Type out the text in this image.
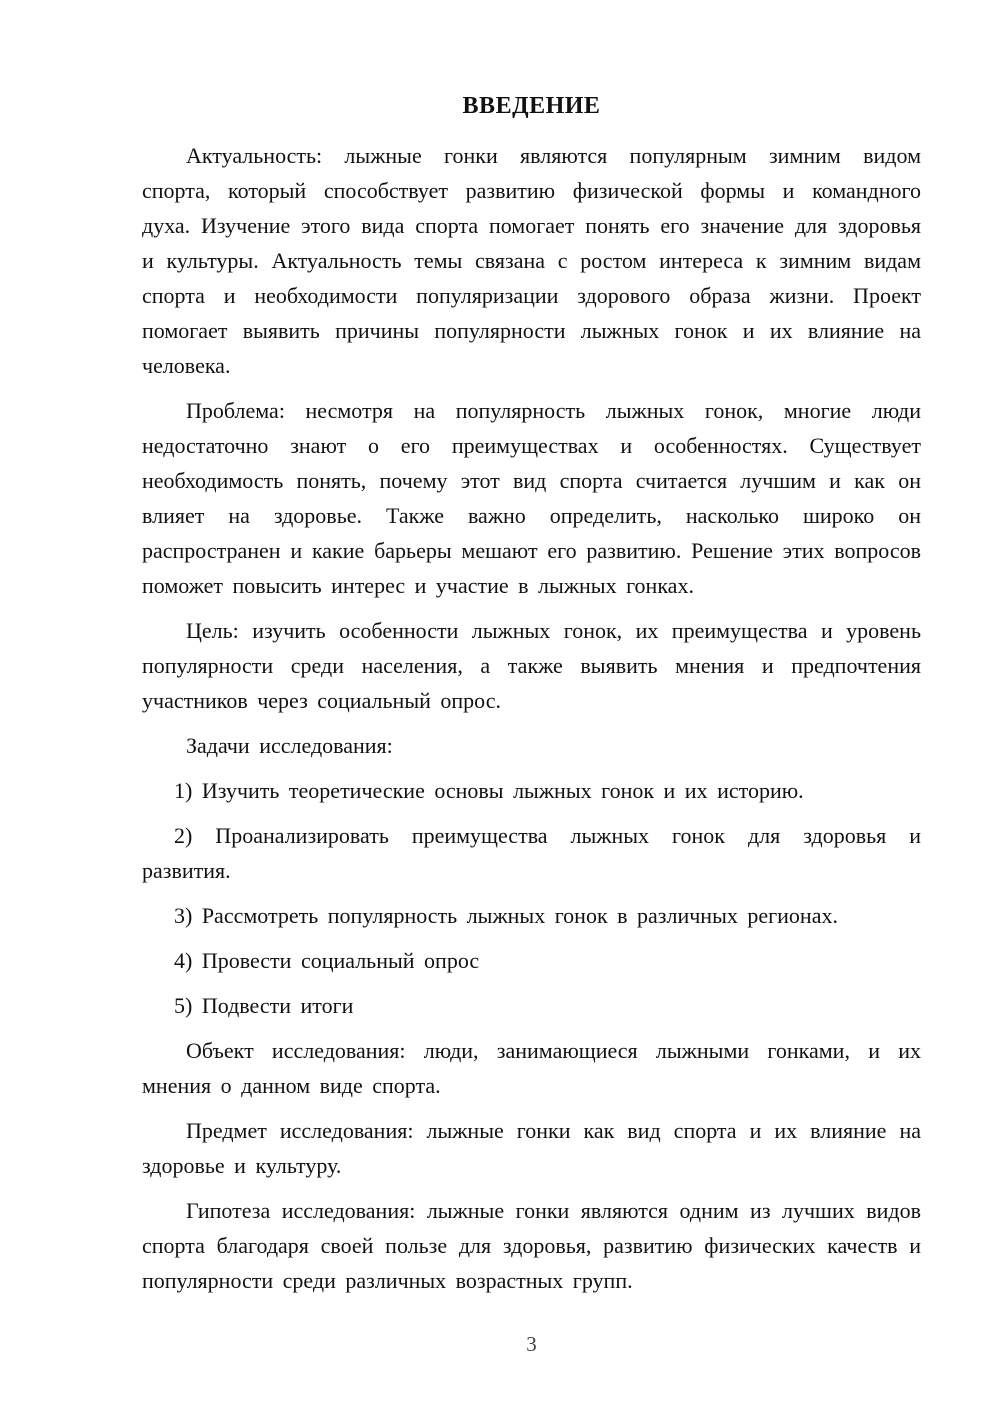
ВВЕДЕНИЕ

Актуальность: лыжные гонки являются популярным зимним видом спорта, который способствует развитию физической формы и командного духа. Изучение этого вида спорта помогает понять его значение для здоровья и культуры. Актуальность темы связана с ростом интереса к зимним видам спорта и необходимости популяризации здорового образа жизни. Проект помогает выявить причины популярности лыжных гонок и их влияние на человека.

Проблема: несмотря на популярность лыжных гонок, многие люди недостаточно знают о его преимуществах и особенностях. Существует необходимость понять, почему этот вид спорта считается лучшим и как он влияет на здоровье. Также важно определить, насколько широко он распространен и какие барьеры мешают его развитию. Решение этих вопросов поможет повысить интерес и участие в лыжных гонках.

Цель: изучить особенности лыжных гонок, их преимущества и уровень популярности среди населения, а также выявить мнения и предпочтения участников через социальный опрос.

Задачи исследования:

1) Изучить теоретические основы лыжных гонок и их историю.

2) Проанализировать преимущества лыжных гонок для здоровья и развития.

3) Рассмотреть популярность лыжных гонок в различных регионах.

4) Провести социальный опрос

5) Подвести итоги

Объект исследования: люди, занимающиеся лыжными гонками, и их мнения о данном виде спорта.

Предмет исследования: лыжные гонки как вид спорта и их влияние на здоровье и культуру.

Гипотеза исследования: лыжные гонки являются одним из лучших видов спорта благодаря своей пользе для здоровья, развитию физических качеств и популярности среди различных возрастных групп.

3
